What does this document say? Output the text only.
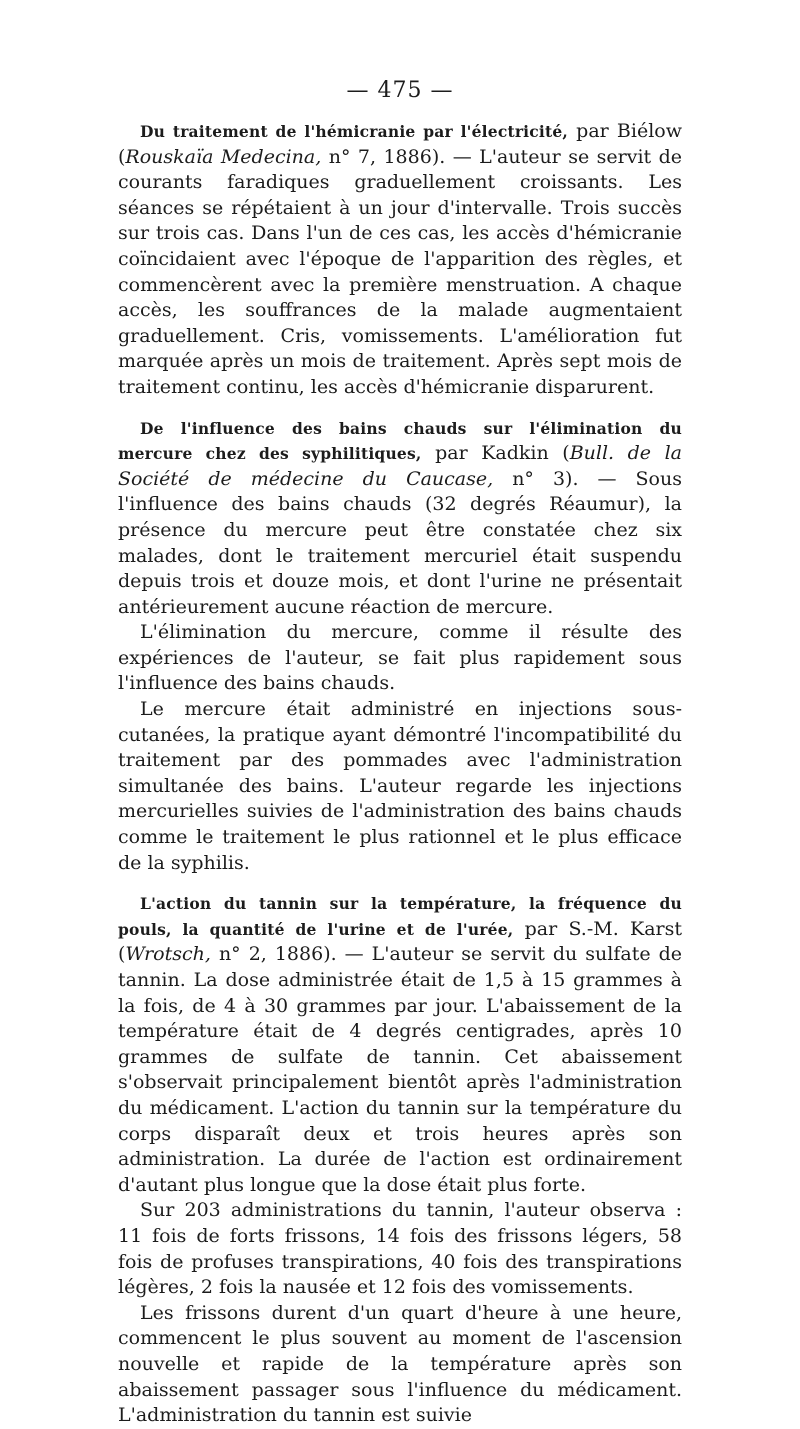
— 475 —

Du traitement de l'hémicranie par l'électricité, par Biélow (Rouskaïa Medecina, n° 7, 1886). — L'auteur se servit de courants faradiques graduellement croissants. Les séances se répétaient à un jour d'intervalle. Trois succès sur trois cas. Dans l'un de ces cas, les accès d'hémicranie coïncidaient avec l'époque de l'apparition des règles, et commencèrent avec la première menstruation. A chaque accès, les souffrances de la malade augmentaient graduellement. Cris, vomissements. L'amélioration fut marquée après un mois de traitement. Après sept mois de traitement continu, les accès d'hémicranie disparurent.

De l'influence des bains chauds sur l'élimination du mercure chez des syphilitiques, par Kadkin (Bull. de la Société de médecine du Caucase, n° 3). — Sous l'influence des bains chauds (32 degrés Réaumur), la présence du mercure peut être constatée chez six malades, dont le traitement mercuriel était suspendu depuis trois et douze mois, et dont l'urine ne présentait antérieurement aucune réaction de mercure.

L'élimination du mercure, comme il résulte des expériences de l'auteur, se fait plus rapidement sous l'influence des bains chauds.

Le mercure était administré en injections sous-cutanées, la pratique ayant démontré l'incompatibilité du traitement par des pommades avec l'administration simultanée des bains. L'auteur regarde les injections mercurielles suivies de l'administration des bains chauds comme le traitement le plus rationnel et le plus efficace de la syphilis.

L'action du tannin sur la température, la fréquence du pouls, la quantité de l'urine et de l'urée, par S.-M. Karst (Wrotsch, n° 2, 1886). — L'auteur se servit du sulfate de tannin. La dose administrée était de 1,5 à 15 grammes à la fois, de 4 à 30 grammes par jour. L'abaissement de la température était de 4 degrés centigrades, après 10 grammes de sulfate de tannin. Cet abaissement s'observait principalement bientôt après l'administration du médicament. L'action du tannin sur la température du corps disparaît deux et trois heures après son administration. La durée de l'action est ordinairement d'autant plus longue que la dose était plus forte.

Sur 203 administrations du tannin, l'auteur observa : 11 fois de forts frissons, 14 fois des frissons légers, 58 fois de profuses transpirations, 40 fois des transpirations légères, 2 fois la nausée et 12 fois des vomissements.

Les frissons durent d'un quart d'heure à une heure, commencent le plus souvent au moment de l'ascension nouvelle et rapide de la température après son abaissement passager sous l'influence du médicament. L'administration du tannin est suivie
